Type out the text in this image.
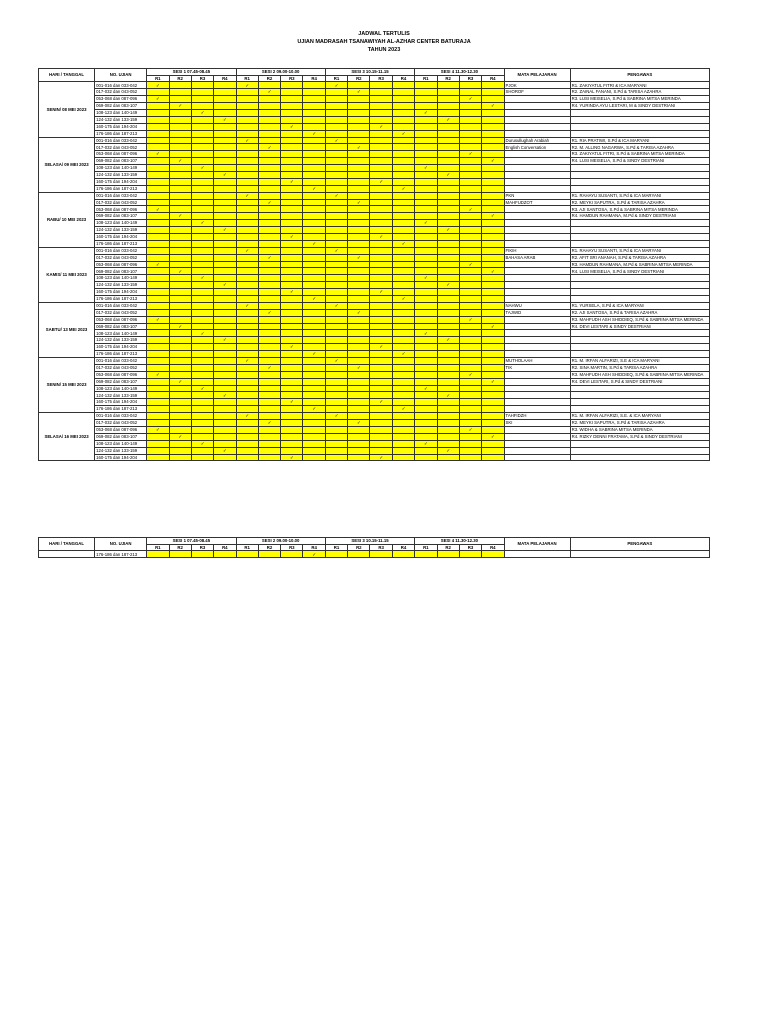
JADWAL TERTULIS
UJIAN MADRASAH TSANAWIYAH AL-AZHAR CENTER BATURAJA
TAHUN 2023
HARI / TANGGAL	NO. UJIAN	SESI 1 07.45-08.45				SESI 2 09.00-10.00				SESI 3 10.15-11.15				SESI 4 11.30-12.30				MATA PELAJARAN	PENGAWAS
		R1	R2	R3	R4	R1	R2	R3	R4	R1	R2	R3	R4	R1	R2	R3	R4		
SENIN/ 08 MEI 2023	001-016 dan 033-042	✓				✓				✓								PJOK	R1. ZAKIYATUL FITRI & ICA MARYANI
	017-032 dan 043-052						✓				✓							SHOROF	R2. ZAINAL FANANI, S.Pd & TARISA AZAHRA
	053-068 dan 087-096	✓														✓			R3. LUSI MEISELIA, S.Pd & SABRINA MITSA MERINDA
	069-082 dan 083-107		✓														✓		R4. YURINDA AYU LESTARI, M & SINDY DESTRIANI
	108-123 dan 140-149			✓										✓					
	124-132 dan 133-159				✓										✓				
	160-175 dan 194-204							✓				✓							
	176-186 dan 187-213								✓				✓						
SELASA/ 09 MEI 2023	001-016 dan 033-042					✓				✓								Durusullughah Arabiah	R1. RIA PRATIWI, S.Pd & ICA MARYANI
	017-032 dan 043-052						✓				✓							English Conversation	R2. M. ALLING NAGARWA, S.Pd & TARISA AZAHRA
	053-068 dan 087-096	✓														✓			R3. ZAKIYATUL FITRI, S.Pd & SABRINA MITSA MERINDA
	069-082 dan 083-107		✓														✓		R4. LUSI MEISELIA, S.Pd & SINDY DESTRIANI
	108-123 dan 140-149			✓										✓					
	124-132 dan 133-159				✓										✓				
	160-175 dan 194-204							✓				✓							
	176-186 dan 187-213								✓				✓						
RABU/ 10 MEI 2023	001-016 dan 033-042					✓				✓								PKN	R1. RAHAYU SUSANTI, S.Pd & ICA MARYANI
	017-032 dan 043-052						✓				✓							MAHFUDZOT	R2. MEYKI SAPUTRA, S.Pd & TARISA AZAHRA
	053-068 dan 087-096	✓														✓			R3. AJI SANTOSA, S.Pd & SABRINA MITSA MERINDA
	069-082 dan 083-107		✓														✓		R4. HAMDUN RAHMANA, M.Pd & SINDY DESTRIANI
	108-123 dan 140-149			✓										✓					
	124-132 dan 133-159				✓										✓				
	160-175 dan 194-204							✓				✓							
	176-186 dan 187-213								✓				✓						
KAMIS/ 11 MEI 2023	001-016 dan 033-042					✓				✓								FIKIH	R1. RAHAYU SUSANTI, S.Pd & ICA MARYANI
	017-032 dan 043-052						✓				✓							BAHASA ARAB	R2. AFIT SRI ANANAH, S.Pd & TARISA AZAHRA
	053-068 dan 087-096	✓														✓			R3. HAMDUN RAHMANA, M.Pd & SABRINA MITSA MERINDA
	069-082 dan 083-107		✓														✓		R4. LUSI MEISELIA, S.Pd & SINDY DESTRIANI
	108-123 dan 140-149			✓										✓					
	124-132 dan 133-159				✓										✓				
	160-175 dan 194-204							✓				✓							
	176-186 dan 187-213								✓				✓						
SABTU/ 13 MEI 2023	001-016 dan 033-042					✓				✓								NAHWU	R1. YURSELA, S.Pd & ICA MARYANI
	017-032 dan 043-052						✓				✓							TAJWID	R2. AJI SANTOSA, S.Pd & TARISA AZAHRA
	053-068 dan 087-096	✓														✓			R3. MAHFUDH ASH SHIDDIEQ, S.Pd & SABRINA MITSA MERINDA
	069-082 dan 083-107		✓														✓		R4. DEVI LESTARI & SINDY DESTRIANI
	108-123 dan 140-149			✓										✓					
	124-132 dan 133-159				✓										✓				
	160-175 dan 194-204							✓				✓							
	176-186 dan 187-213								✓				✓						
SENIN/ 15 MEI 2023	001-016 dan 033-042					✓				✓								MUTHOLAAH	R1. M. IRFAN ALFARIZI, S.E & ICA MARYANI
	017-032 dan 043-052						✓				✓							TIK	R2. SINA MARTIN, S.Pd & TARISA AZAHRA
	053-068 dan 087-096	✓														✓			R3. MAHFUDH ASH SHIDDIEQ, S.Pd & SABRINA MITSA MERINDA
	069-082 dan 083-107		✓														✓		R4. DEVI LESTARI, S.Pd & SINDY DESTRIANI
	108-123 dan 140-149			✓										✓					
	124-132 dan 133-159				✓										✓				
	160-175 dan 194-204							✓				✓							
	176-186 dan 187-213								✓				✓						
SELASA/ 16 MEI 2023	001-016 dan 033-042					✓				✓								TAHFIDZH	R1. M. IRFAN ALFARIZI, S.E. & ICA MARYANI
	017-032 dan 043-052						✓				✓							SKI	R2. MEYKI SAPUTRA, S.Pd & TARISA AZAHRA
	053-068 dan 087-096	✓														✓			R3. WIDHA & SABRINA MITSA MERINDA
	069-082 dan 083-107		✓														✓		R4. RIZKY DENNI FRATAMA, S.Pd & SINDY DESTRIANI
	108-123 dan 140-149			✓										✓					
	124-132 dan 133-159				✓										✓				
	160-175 dan 194-204							✓				✓							
HARI / TANGGAL	NO. UJIAN	SESI 1 07.45-08.45				SESI 2 09.00-10.00				SESI 3 10.15-11.15				SESI 4 11.30-12.30				MATA PELAJARAN	PENGAWAS
		R1	R2	R3	R4	R1	R2	R3	R4	R1	R2	R3	R4	R1	R2	R3	R4		
	176-186 dan 187-213								✓										
